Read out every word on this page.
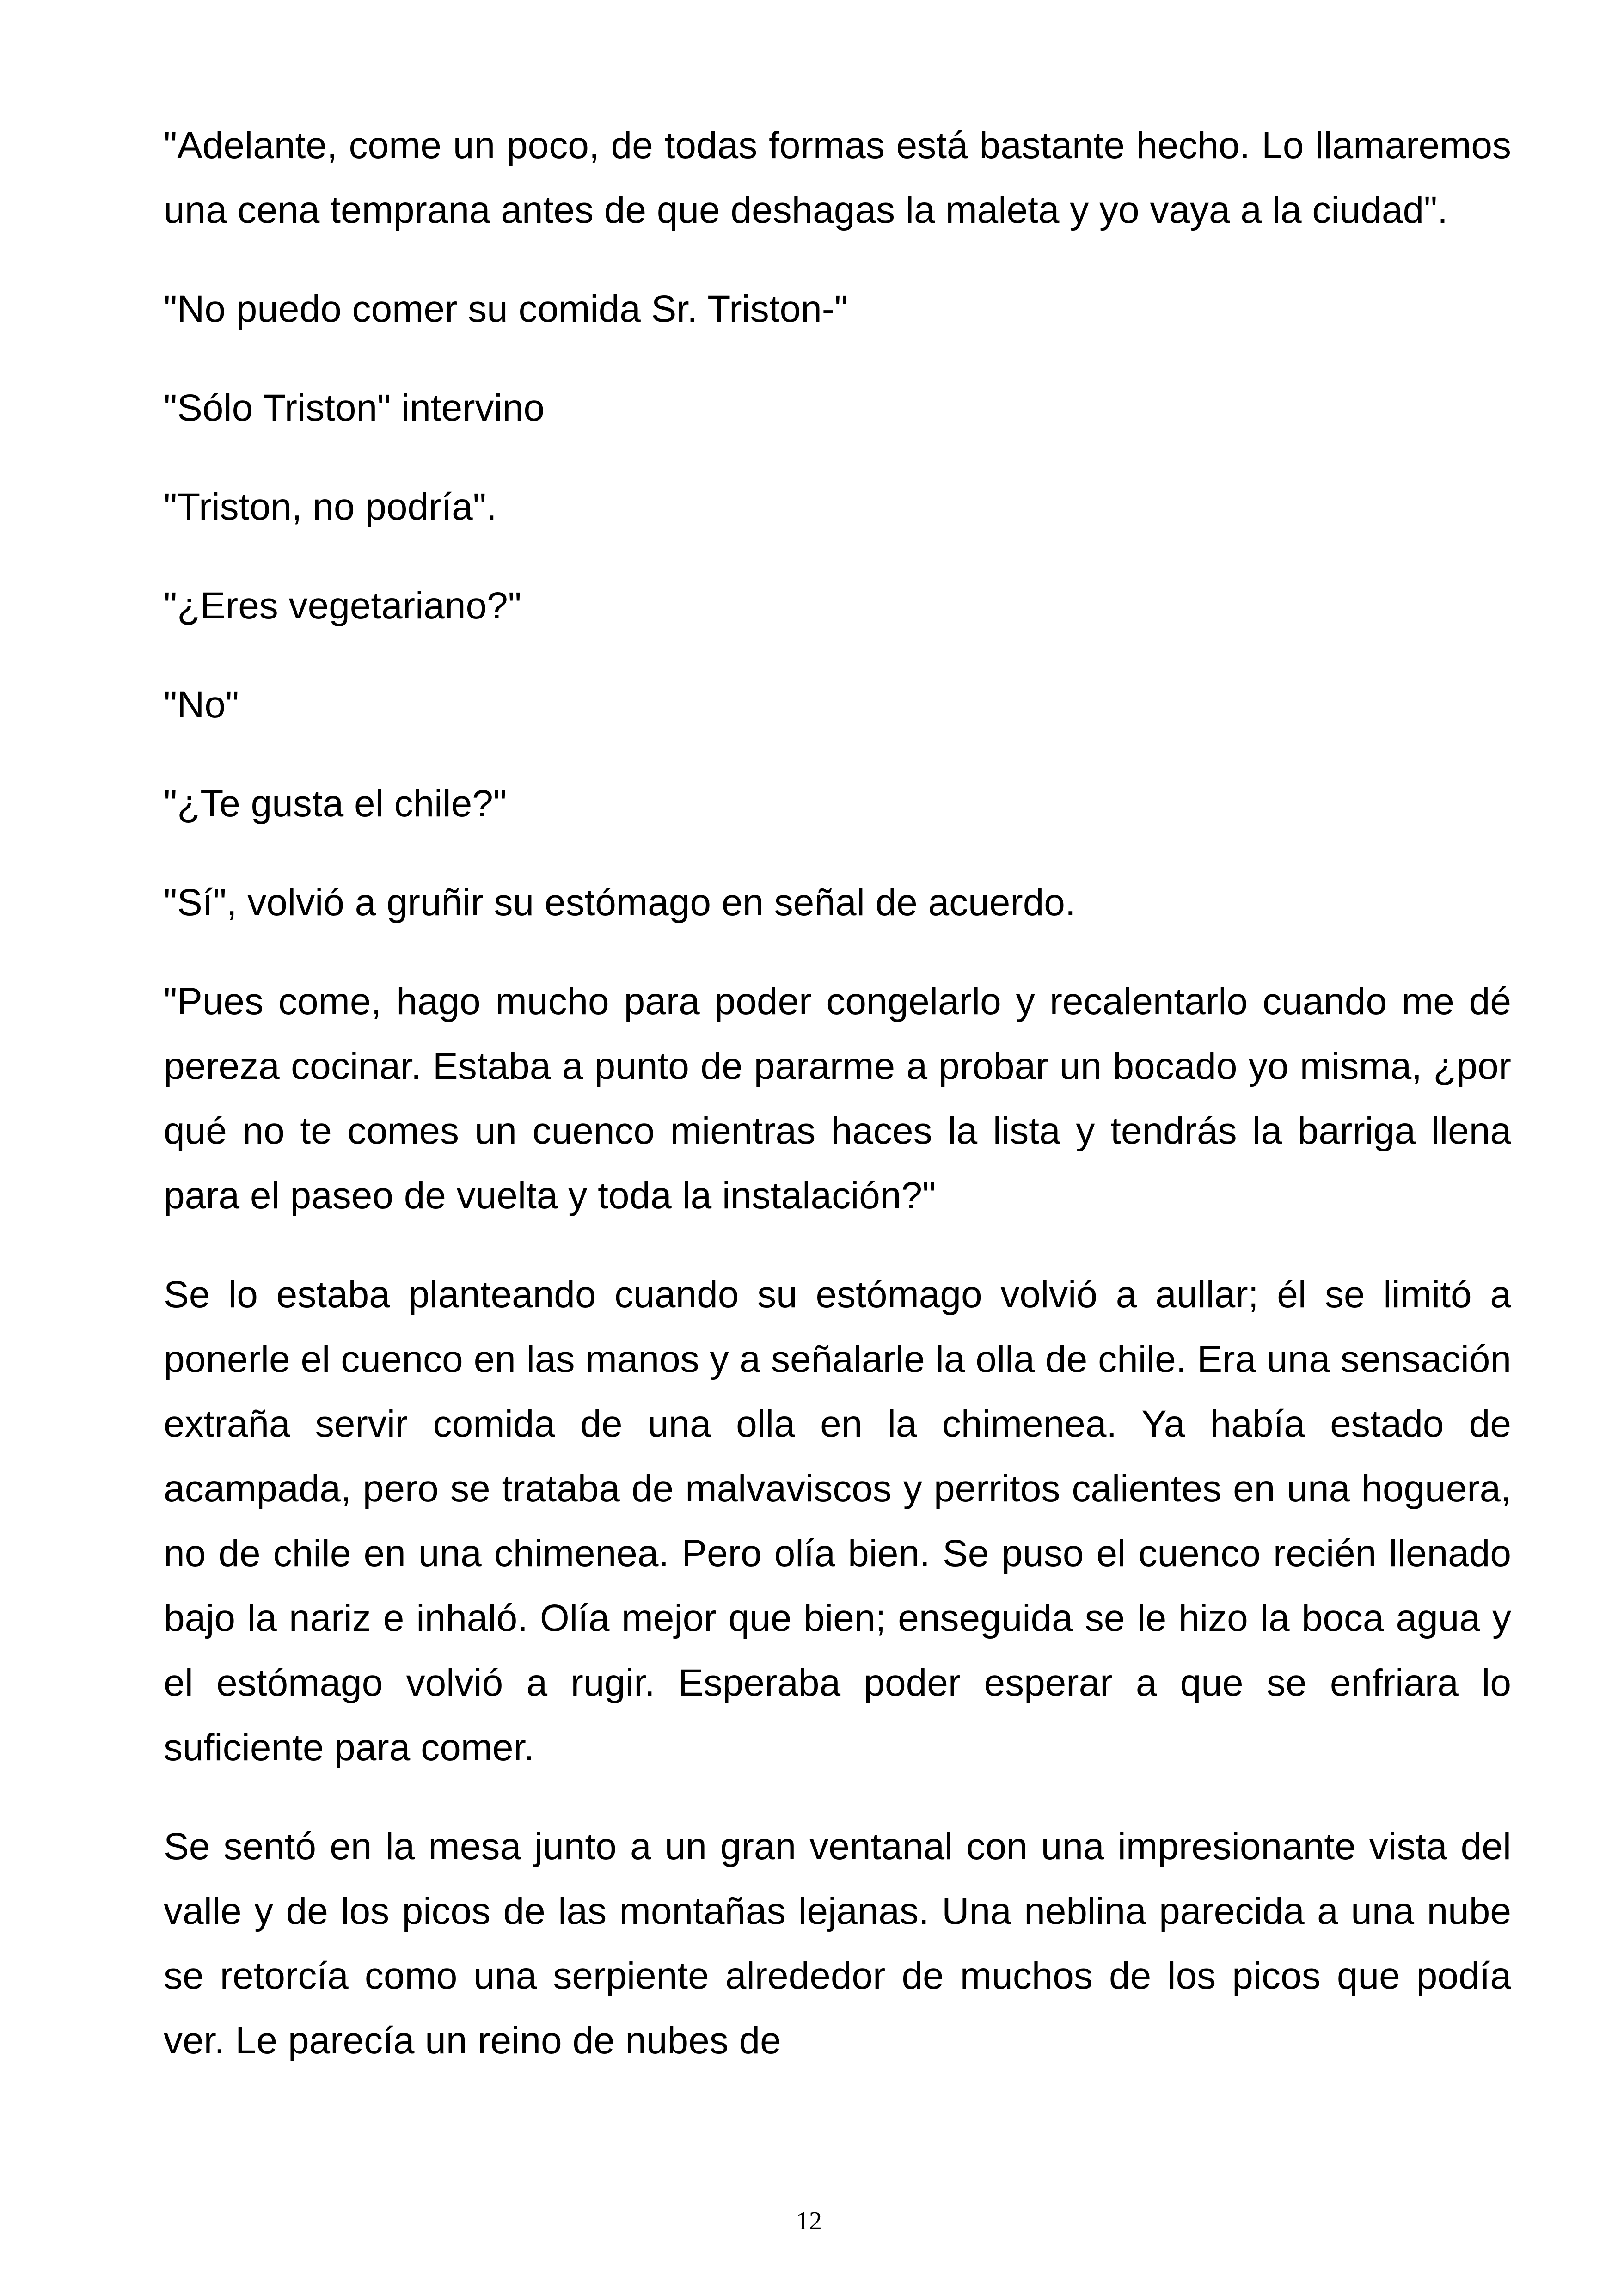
"Adelante, come un poco, de todas formas está bastante hecho. Lo llamaremos una cena temprana antes de que deshagas la maleta y yo vaya a la ciudad".

"No puedo comer su comida Sr. Triston-"

"Sólo Triston" intervino

"Triston, no podría".

"¿Eres vegetariano?"

"No"

"¿Te gusta el chile?"

"Sí", volvió a gruñir su estómago en señal de acuerdo.

"Pues come, hago mucho para poder congelarlo y recalentarlo cuando me dé pereza cocinar. Estaba a punto de pararme a probar un bocado yo misma, ¿por qué no te comes un cuenco mientras haces la lista y tendrás la barriga llena para el paseo de vuelta y toda la instalación?"

Se lo estaba planteando cuando su estómago volvió a aullar; él se limitó a ponerle el cuenco en las manos y a señalarle la olla de chile. Era una sensación extraña servir comida de una olla en la chimenea. Ya había estado de acampada, pero se trataba de malvaviscos y perritos calientes en una hoguera, no de chile en una chimenea. Pero olía bien. Se puso el cuenco recién llenado bajo la nariz e inhaló. Olía mejor que bien; enseguida se le hizo la boca agua y el estómago volvió a rugir. Esperaba poder esperar a que se enfriara lo suficiente para comer.

Se sentó en la mesa junto a un gran ventanal con una impresionante vista del valle y de los picos de las montañas lejanas. Una neblina parecida a una nube se retorcía como una serpiente alrededor de muchos de los picos que podía ver. Le parecía un reino de nubes de

12
